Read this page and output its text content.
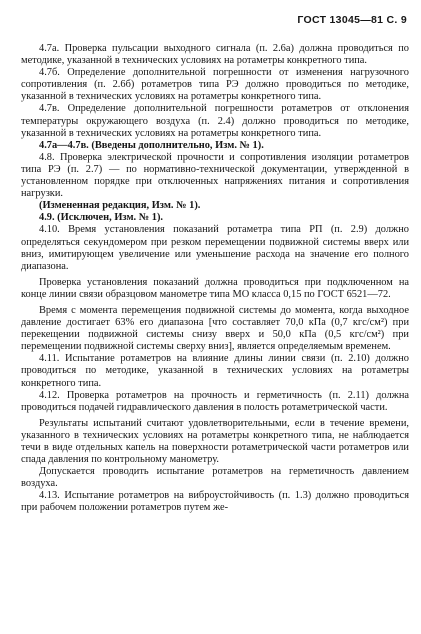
ГОСТ 13045—81 С. 9

4.7а. Проверка пульсации выходного сигнала (п. 2.6а) должна проводиться по методике, указанной в технических условиях на ротаметры конкретного типа.

4.7б. Определение дополнительной погрешности от изменения нагрузочного сопротивления (п. 2.6б) ротаметров типа РЭ должно проводиться по методике, указанной в технических условиях на ротаметры конкретного типа.

4.7в. Определение дополнительной погрешности ротаметров от отклонения температуры окружающего воздуха (п. 2.4) должно проводиться по методике, указанной в технических условиях на ротаметры конкретного типа.

4.7а—4.7в. (Введены дополнительно, Изм. № 1).

4.8. Проверка электрической прочности и сопротивления изоляции ротаметров типа РЭ (п. 2.7) — по нормативно-технической документации, утвержденной в установленном порядке при отключенных напряжениях питания и сопротивления нагрузки.

(Измененная редакция, Изм. № 1).

4.9. (Исключен, Изм. № 1).

4.10. Время установления показаний ротаметра типа РП (п. 2.9) должно определяться секундомером при резком перемещении подвижной системы вверх или вниз, имитирующем увеличение или уменьшение расхода на значение его полного диапазона.

Проверка установления показаний должна проводиться при подключенном на конце линии связи образцовом манометре типа МО класса 0,15 по ГОСТ 6521—72.

Время с момента перемещения подвижной системы до момента, когда выходное давление достигает 63% его диапазона [что составляет 70,0 кПа (0,7 кгс/см²) при перекещении подвижной системы снизу вверх и 50,0 кПа (0,5 кгс/см²) при перемещении подвижной системы сверху вниз], является определяемым временем.

4.11. Испытание ротаметров на влияние длины линии связи (п. 2.10) должно проводиться по методике, указанной в технических условиях на ротаметры конкретного типа.

4.12. Проверка ротаметров на прочность и герметичность (п. 2.11) должна проводиться подачей гидравлического давления в полость ротаметрической части.

Результаты испытаний считают удовлетворительными, если в течение времени, указанного в технических условиях на ротаметры конкретного типа, не наблюдается течи в виде отдельных капель на поверхности ротаметрической части ротаметров или спада давления по контрольному манометру.

Допускается проводить испытание ротаметров на герметичность давлением воздуха.

4.13. Испытание ротаметров на виброустойчивость (п. 1.3) должно проводиться при рабочем положении ротаметров путем же-
